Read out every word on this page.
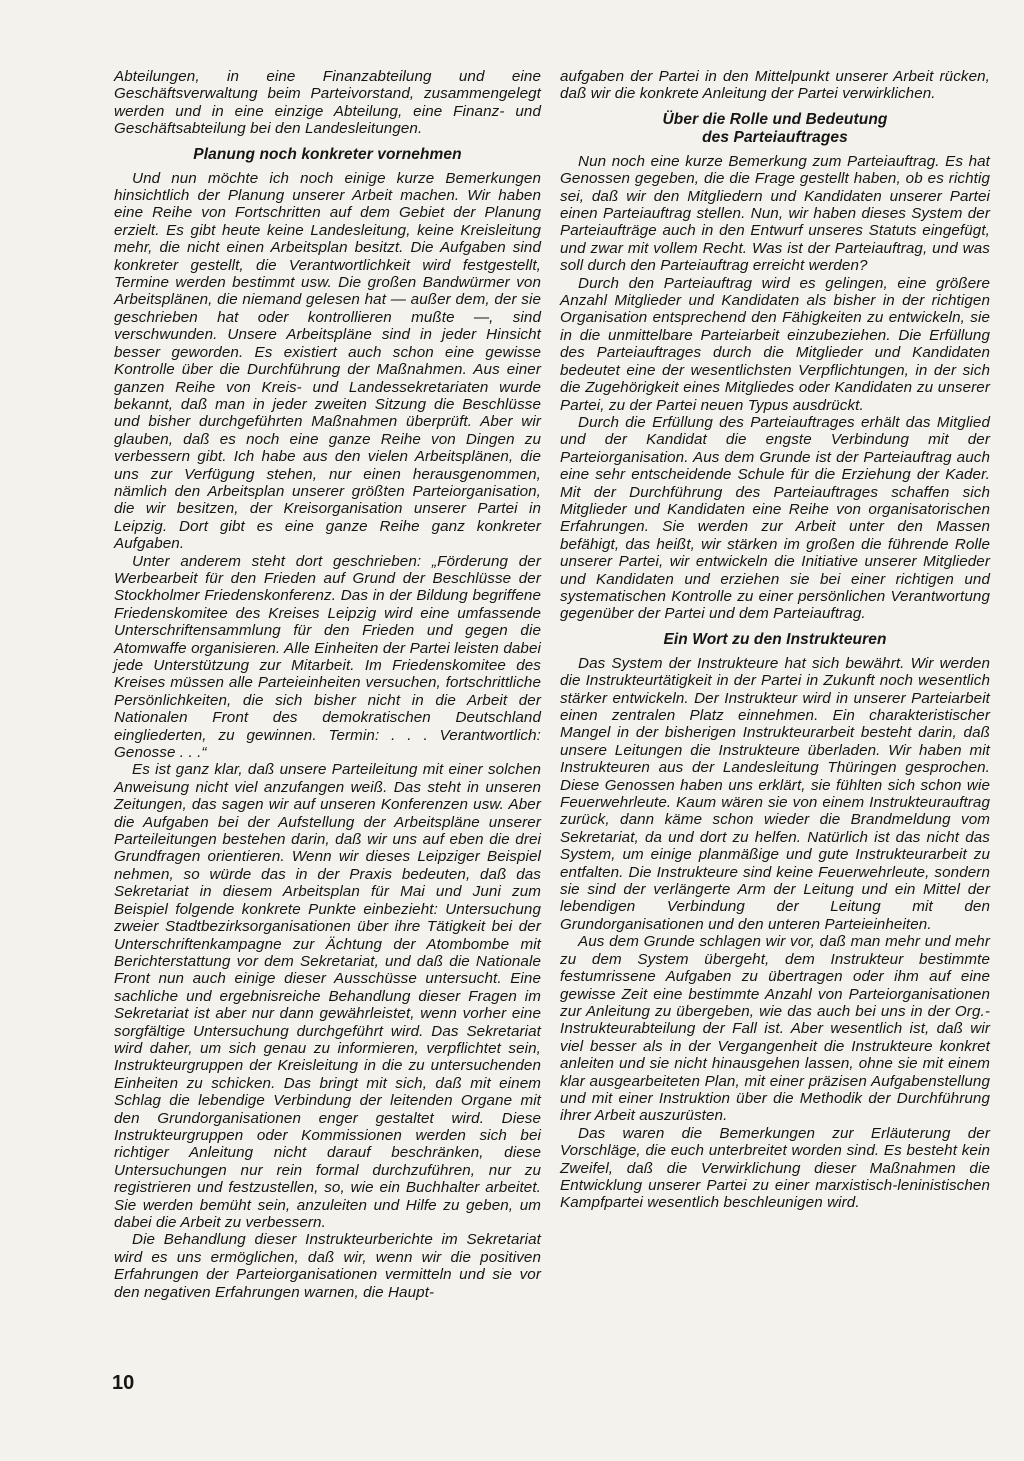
Abteilungen, in eine Finanzabteilung und eine Geschäftsverwaltung beim Parteivorstand, zusammengelegt werden und in eine einzige Abteilung, eine Finanz- und Geschäftsabteilung bei den Landesleitungen.

Planung noch konkreter vornehmen

Und nun möchte ich noch einige kurze Bemerkungen hinsichtlich der Planung unserer Arbeit machen. Wir haben eine Reihe von Fortschritten auf dem Gebiet der Planung erzielt. Es gibt heute keine Landesleitung, keine Kreisleitung mehr, die nicht einen Arbeitsplan besitzt. Die Aufgaben sind konkreter gestellt, die Verantwortlichkeit wird festgestellt, Termine werden bestimmt usw. Die großen Bandwürmer von Arbeitsplänen, die niemand gelesen hat — außer dem, der sie geschrieben hat oder kontrollieren mußte —, sind verschwunden. Unsere Arbeitspläne sind in jeder Hinsicht besser geworden. Es existiert auch schon eine gewisse Kontrolle über die Durchführung der Maßnahmen. Aus einer ganzen Reihe von Kreis- und Landessekretariaten wurde bekannt, daß man in jeder zweiten Sitzung die Beschlüsse und bisher durchgeführten Maßnahmen überprüft. Aber wir glauben, daß es noch eine ganze Reihe von Dingen zu verbessern gibt. Ich habe aus den vielen Arbeitsplänen, die uns zur Verfügung stehen, nur einen herausgenommen, nämlich den Arbeitsplan unserer größten Parteiorganisation, die wir besitzen, der Kreisorganisation unserer Partei in Leipzig. Dort gibt es eine ganze Reihe ganz konkreter Aufgaben.

Unter anderem steht dort geschrieben: „Förderung der Werbearbeit für den Frieden auf Grund der Beschlüsse der Stockholmer Friedenskonferenz. Das in der Bildung begriffene Friedenskomitee des Kreises Leipzig wird eine umfassende Unterschriftensammlung für den Frieden und gegen die Atomwaffe organisieren. Alle Einheiten der Partei leisten dabei jede Unterstützung zur Mitarbeit. Im Friedenskomitee des Kreises müssen alle Parteieinheiten versuchen, fortschrittliche Persönlichkeiten, die sich bisher nicht in die Arbeit der Nationalen Front des demokratischen Deutschland eingliederten, zu gewinnen. Termin: . . . Verantwortlich: Genosse . . .“

Es ist ganz klar, daß unsere Parteileitung mit einer solchen Anweisung nicht viel anzufangen weiß. Das steht in unseren Zeitungen, das sagen wir auf unseren Konferenzen usw. Aber die Aufgaben bei der Aufstellung der Arbeitspläne unserer Parteileitungen bestehen darin, daß wir uns auf eben die drei Grundfragen orientieren. Wenn wir dieses Leipziger Beispiel nehmen, so würde das in der Praxis bedeuten, daß das Sekretariat in diesem Arbeitsplan für Mai und Juni zum Beispiel folgende konkrete Punkte einbezieht: Untersuchung zweier Stadtbezirksorganisationen über ihre Tätigkeit bei der Unterschriftenkampagne zur Ächtung der Atombombe mit Berichterstattung vor dem Sekretariat, und daß die Nationale Front nun auch einige dieser Ausschüsse untersucht. Eine sachliche und ergebnisreiche Behandlung dieser Fragen im Sekretariat ist aber nur dann gewährleistet, wenn vorher eine sorgfältige Untersuchung durchgeführt wird. Das Sekretariat wird daher, um sich genau zu informieren, verpflichtet sein, Instrukteurgruppen der Kreisleitung in die zu untersuchenden Einheiten zu schicken. Das bringt mit sich, daß mit einem Schlag die lebendige Verbindung der leitenden Organe mit den Grundorganisationen enger gestaltet wird. Diese Instrukteurgruppen oder Kommissionen werden sich bei richtiger Anleitung nicht darauf beschränken, diese Untersuchungen nur rein formal durchzuführen, nur zu registrieren und festzustellen, so, wie ein Buchhalter arbeitet. Sie werden bemüht sein, anzuleiten und Hilfe zu geben, um dabei die Arbeit zu verbessern.

Die Behandlung dieser Instrukteurberichte im Sekretariat wird es uns ermöglichen, daß wir, wenn wir die positiven Erfahrungen der Parteiorganisationen vermitteln und sie vor den negativen Erfahrungen warnen, die Haupt-

aufgaben der Partei in den Mittelpunkt unserer Arbeit rücken, daß wir die konkrete Anleitung der Partei verwirklichen.

Über die Rolle und Bedeutung
des Parteiauftrages

Nun noch eine kurze Bemerkung zum Parteiauftrag. Es hat Genossen gegeben, die die Frage gestellt haben, ob es richtig sei, daß wir den Mitgliedern und Kandidaten unserer Partei einen Parteiauftrag stellen. Nun, wir haben dieses System der Parteiaufträge auch in den Entwurf unseres Statuts eingefügt, und zwar mit vollem Recht. Was ist der Parteiauftrag, und was soll durch den Parteiauftrag erreicht werden?

Durch den Parteiauftrag wird es gelingen, eine größere Anzahl Mitglieder und Kandidaten als bisher in der richtigen Organisation entsprechend den Fähigkeiten zu entwickeln, sie in die unmittelbare Parteiarbeit einzubeziehen. Die Erfüllung des Parteiauftrages durch die Mitglieder und Kandidaten bedeutet eine der wesentlichsten Verpflichtungen, in der sich die Zugehörigkeit eines Mitgliedes oder Kandidaten zu unserer Partei, zu der Partei neuen Typus ausdrückt.

Durch die Erfüllung des Parteiauftrages erhält das Mitglied und der Kandidat die engste Verbindung mit der Parteiorganisation. Aus dem Grunde ist der Parteiauftrag auch eine sehr entscheidende Schule für die Erziehung der Kader. Mit der Durchführung des Parteiauftrages schaffen sich Mitglieder und Kandidaten eine Reihe von organisatorischen Erfahrungen. Sie werden zur Arbeit unter den Massen befähigt, das heißt, wir stärken im großen die führende Rolle unserer Partei, wir entwickeln die Initiative unserer Mitglieder und Kandidaten und erziehen sie bei einer richtigen und systematischen Kontrolle zu einer persönlichen Verantwortung gegenüber der Partei und dem Parteiauftrag.

Ein Wort zu den Instrukteuren

Das System der Instrukteure hat sich bewährt. Wir werden die Instrukteurtätigkeit in der Partei in Zukunft noch wesentlich stärker entwickeln. Der Instrukteur wird in unserer Parteiarbeit einen zentralen Platz einnehmen. Ein charakteristischer Mangel in der bisherigen Instrukteurarbeit besteht darin, daß unsere Leitungen die Instrukteure überladen. Wir haben mit Instrukteuren aus der Landesleitung Thüringen gesprochen. Diese Genossen haben uns erklärt, sie fühlten sich schon wie Feuerwehrleute. Kaum wären sie von einem Instrukteurauftrag zurück, dann käme schon wieder die Brandmeldung vom Sekretariat, da und dort zu helfen. Natürlich ist das nicht das System, um einige planmäßige und gute Instrukteurarbeit zu entfalten. Die Instrukteure sind keine Feuerwehrleute, sondern sie sind der verlängerte Arm der Leitung und ein Mittel der lebendigen Verbindung der Leitung mit den Grundorganisationen und den unteren Parteieinheiten.

Aus dem Grunde schlagen wir vor, daß man mehr und mehr zu dem System übergeht, dem Instrukteur bestimmte festumrissene Aufgaben zu übertragen oder ihm auf eine gewisse Zeit eine bestimmte Anzahl von Parteiorganisationen zur Anleitung zu übergeben, wie das auch bei uns in der Org.-Instrukteurabteilung der Fall ist. Aber wesentlich ist, daß wir viel besser als in der Vergangenheit die Instrukteure konkret anleiten und sie nicht hinausgehen lassen, ohne sie mit einem klar ausgearbeiteten Plan, mit einer präzisen Aufgabenstellung und mit einer Instruktion über die Methodik der Durchführung ihrer Arbeit auszurüsten.

Das waren die Bemerkungen zur Erläuterung der Vorschläge, die euch unterbreitet worden sind. Es besteht kein Zweifel, daß die Verwirklichung dieser Maßnahmen die Entwicklung unserer Partei zu einer marxistisch-leninistischen Kampfpartei wesentlich beschleunigen wird.

10
